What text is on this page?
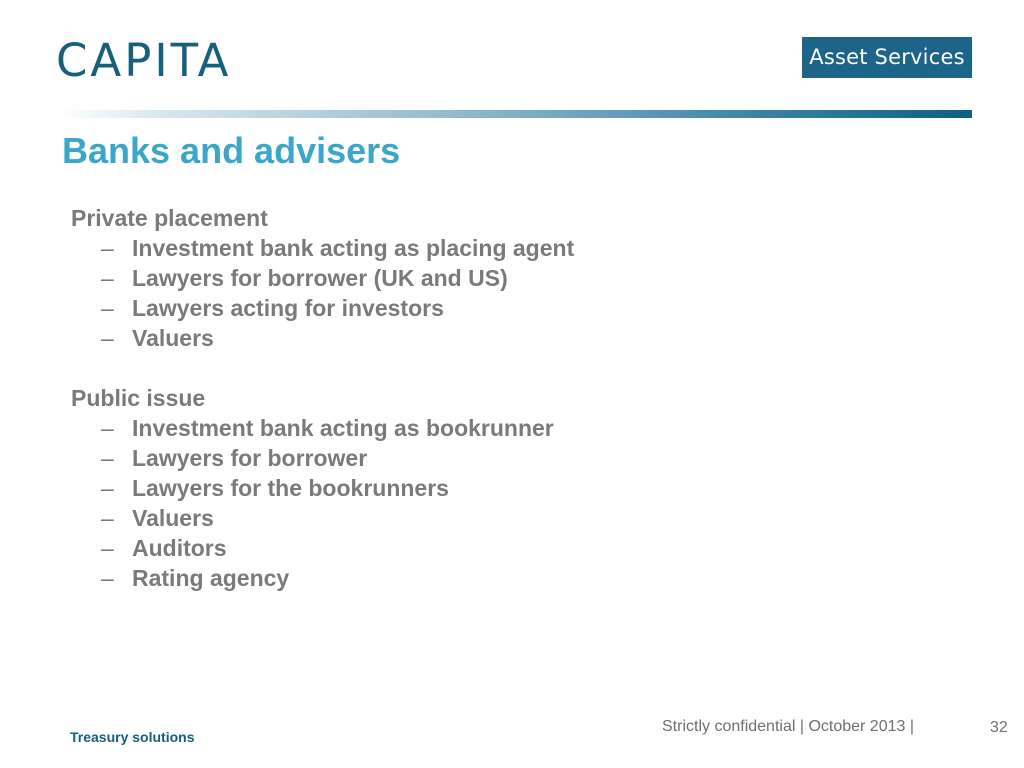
CAPITA	Asset Services
Banks and advisers
Private placement
– Investment bank acting as placing agent
– Lawyers for borrower (UK and US)
– Lawyers acting for investors
– Valuers
Public issue
– Investment bank acting as bookrunner
– Lawyers for borrower
– Lawyers for the bookrunners
– Valuers
– Auditors
– Rating agency
Treasury solutions
Strictly confidential | October 2013 |	32
